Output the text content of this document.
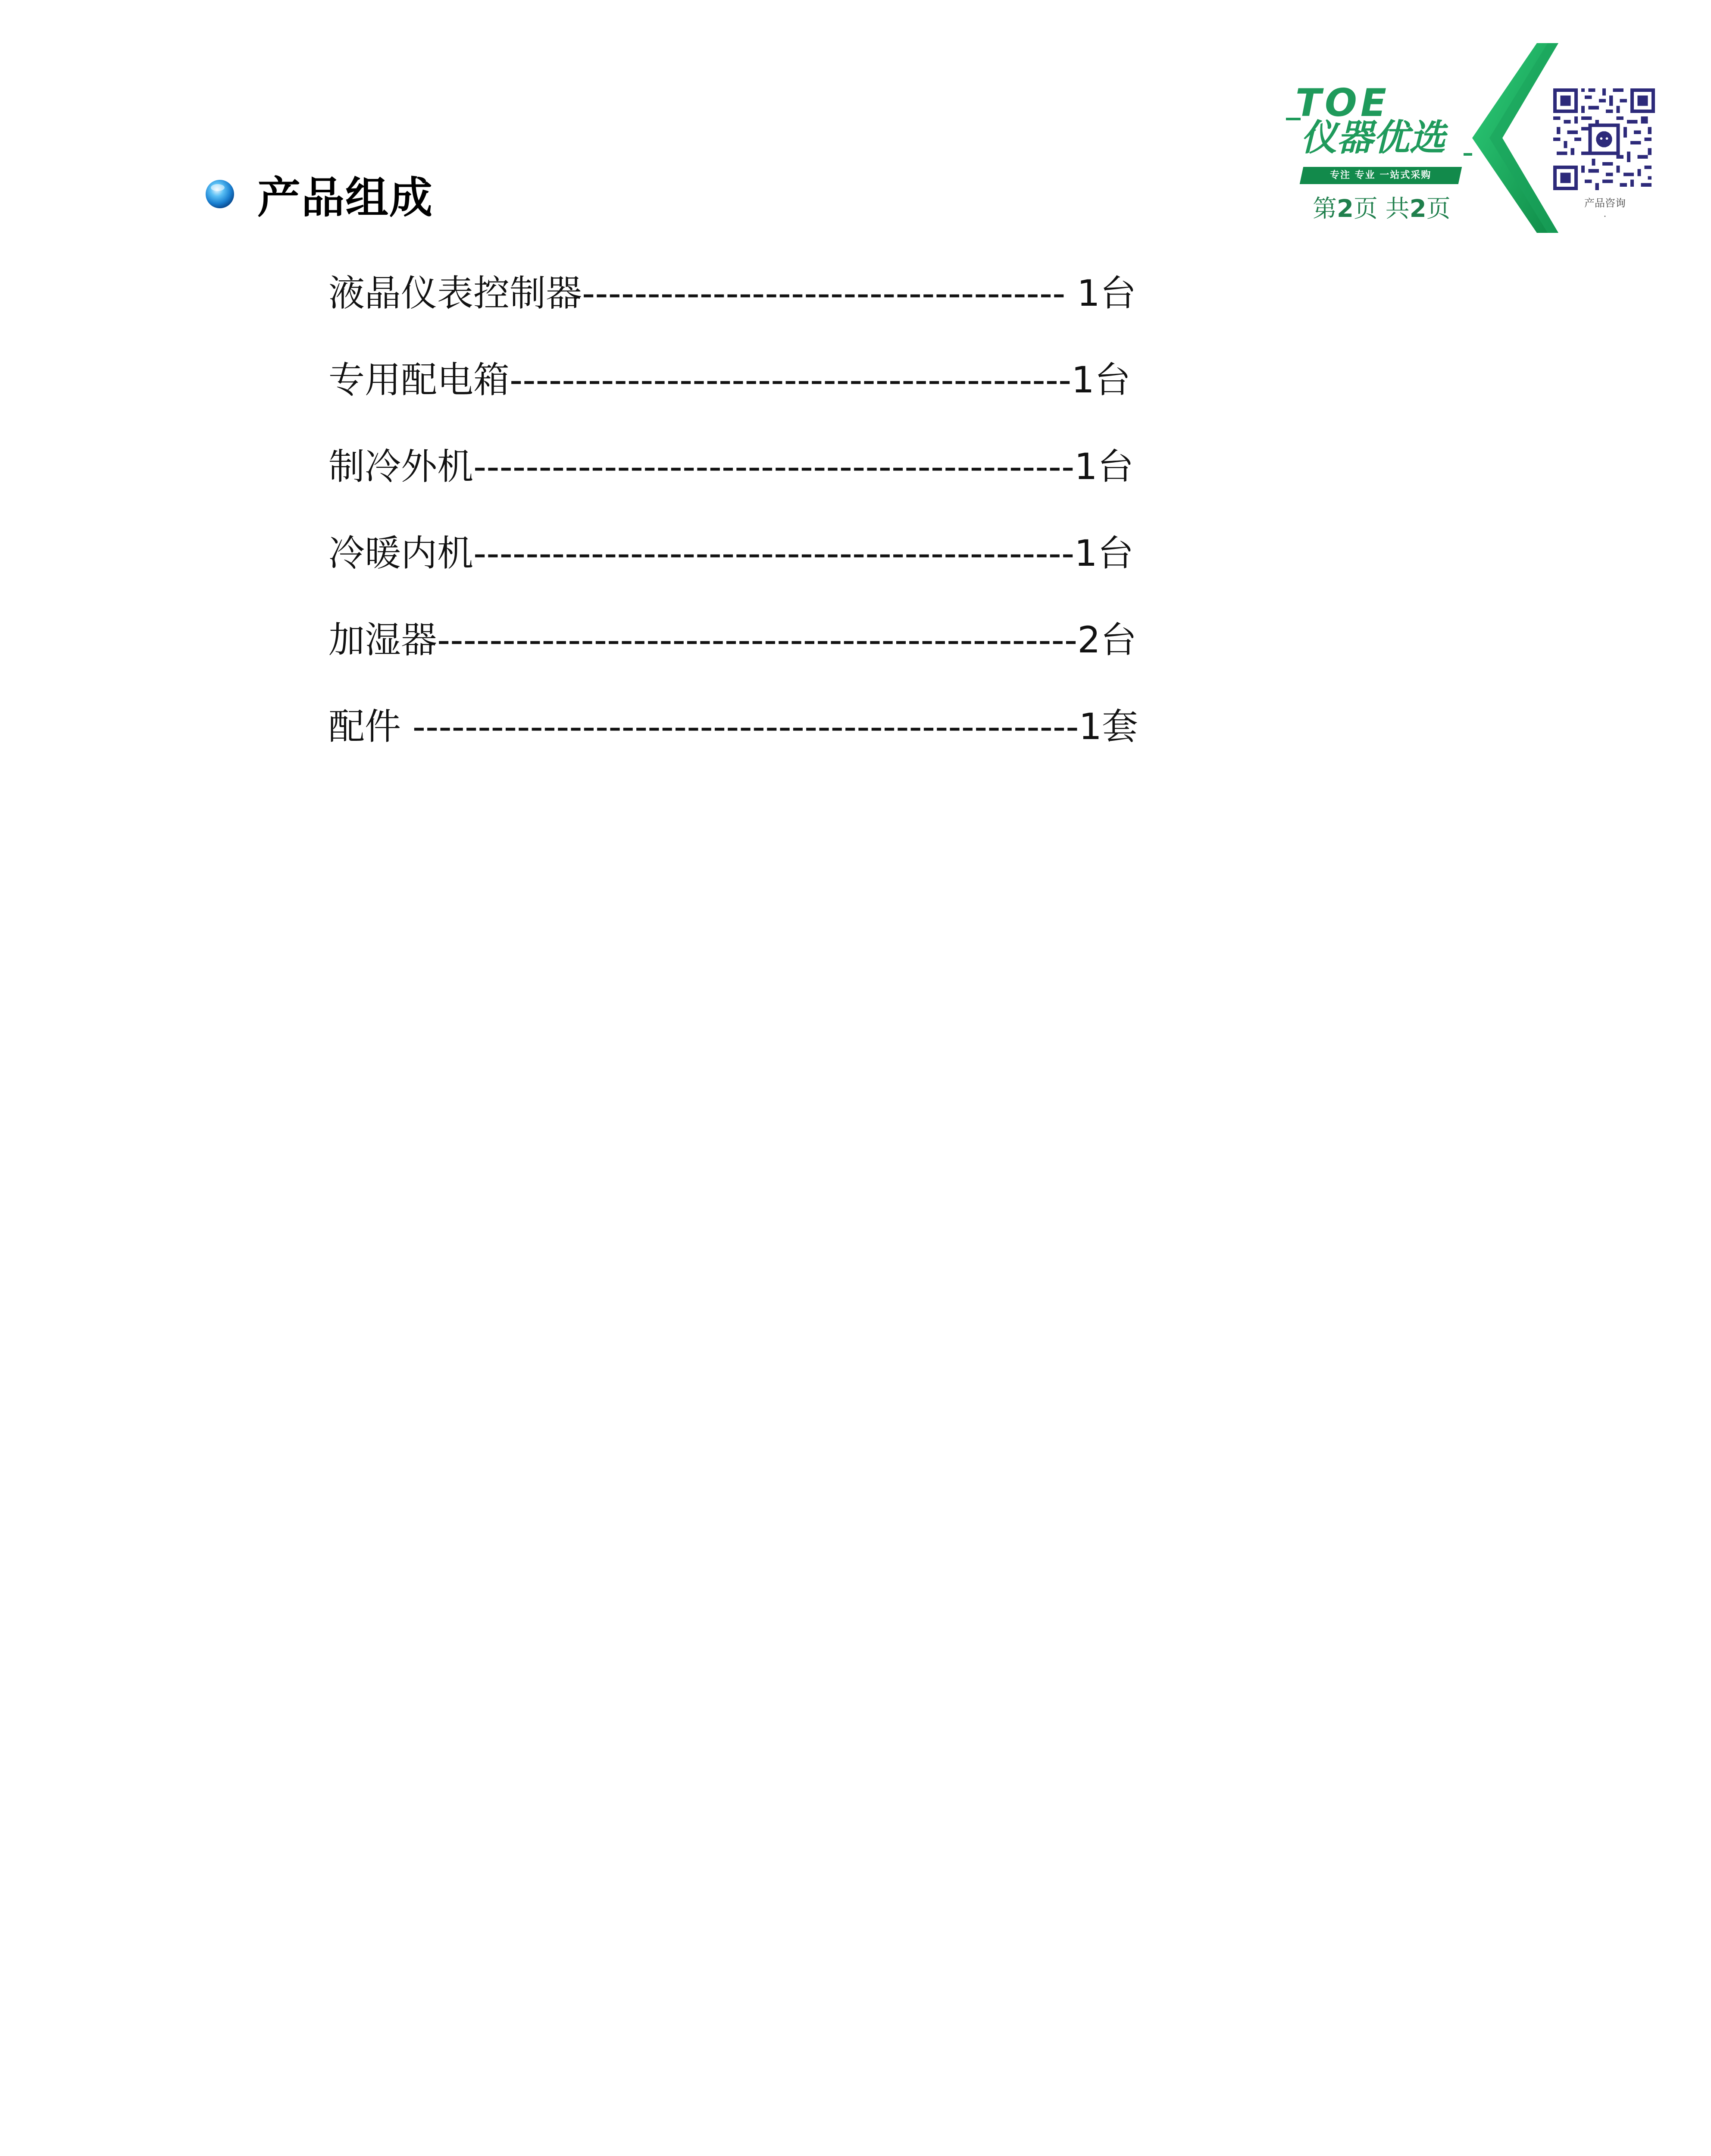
TOE
仪器优选
专注 专业 一站式采购
第2页 共2页	产品咨询
.
产品组成
液晶仪表控制器------------------------------------- 1台
专用配电箱-------------------------------------------1台
制冷外机----------------------------------------------1台
冷暖内机----------------------------------------------1台
加湿器-------------------------------------------------2台
配件 ---------------------------------------------------1套
